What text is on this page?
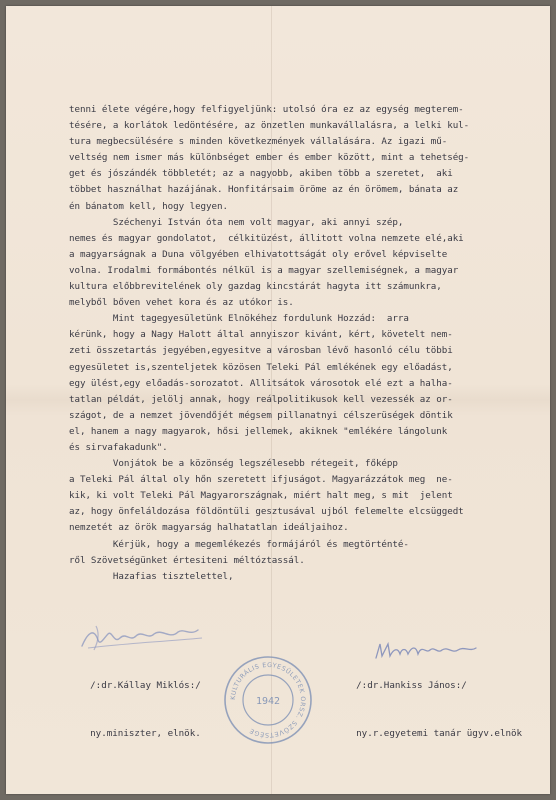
tenni élete végére,hogy felfigyeljünk: utolsó óra ez az egység megterem-
tésére, a korlátok ledöntésére, az önzetlen munkavállalásra, a lelki kul-
tura megbecsülésére s minden következmények vállalására. Az igazi mű-
veltség nem ismer más különbséget ember és ember között, mint a tehetség-
get és jószándék többletét; az a nagyobb, akiben több a szeretet,  aki
többet használhat hazájának. Honfitársaim öröme az én örömem, bánata az
én bánatom kell, hogy legyen.
Széchenyi István óta nem volt magyar, aki annyi szép,
nemes és magyar gondolatot,  célkitüzést, állitott volna nemzete elé,aki
a magyarságnak a Duna völgyében elhivatottságát oly erővel képviselte
volna. Irodalmi formábontés nélkül is a magyar szellemiségnek, a magyar
kultura előbbrevitelének oly gazdag kincstárát hagyta itt számunkra,
melyből bőven vehet kora és az utókor is.
Mint tagegyesületünk Elnökéhez fordulunk Hozzád:  arra
kérünk, hogy a Nagy Halott által annyiszor kivánt, kért, követelt nem-
zeti összetartás jegyében,egyesitve a városban lévő hasonló célu többi
egyesületet is,szenteljetek közösen Teleki Pál emlékének egy előadást,
egy ülést,egy előadás-sorozatot. Allitsátok városotok elé ezt a halha-
tatlan példát, jelölj annak, hogy reálpolitikusok kell vezessék az or-
szágot, de a nemzet jövendőjét mégsem pillanatnyi célszerüségek döntik
el, hanem a nagy magyarok, hősi jellemek, akiknek "emlékére lángolunk
és sirvafakadunk".
Vonjátok be a közönség legszélesebb rétegeit, főképp
a Teleki Pál által oly hőn szeretett ifjuságot. Magyarázzátok meg  ne-
kik, ki volt Teleki Pál Magyarországnak, miért halt meg, s mit  jelent
az, hogy önfeláldozása földöntüli gesztusával ujból felemelte elcsüggedt
nemzetét az örök magyarság halhatatlan ideáljaihoz.
Kérjük, hogy a megemlékezés formájáról és megtörténté-
ről Szövetségünket értesiteni méltóztassál.
Hazafias tisztelettel,

/:dr.Kállay Miklós:/

ny.miniszter, elnök.

/:dr.Hankiss János:/

ny.r.egyetemi tanár ügyv.elnök

KULTURÁLIS EGYESÜLETEK ORSZ. SZÖVETSÉGE
1942
